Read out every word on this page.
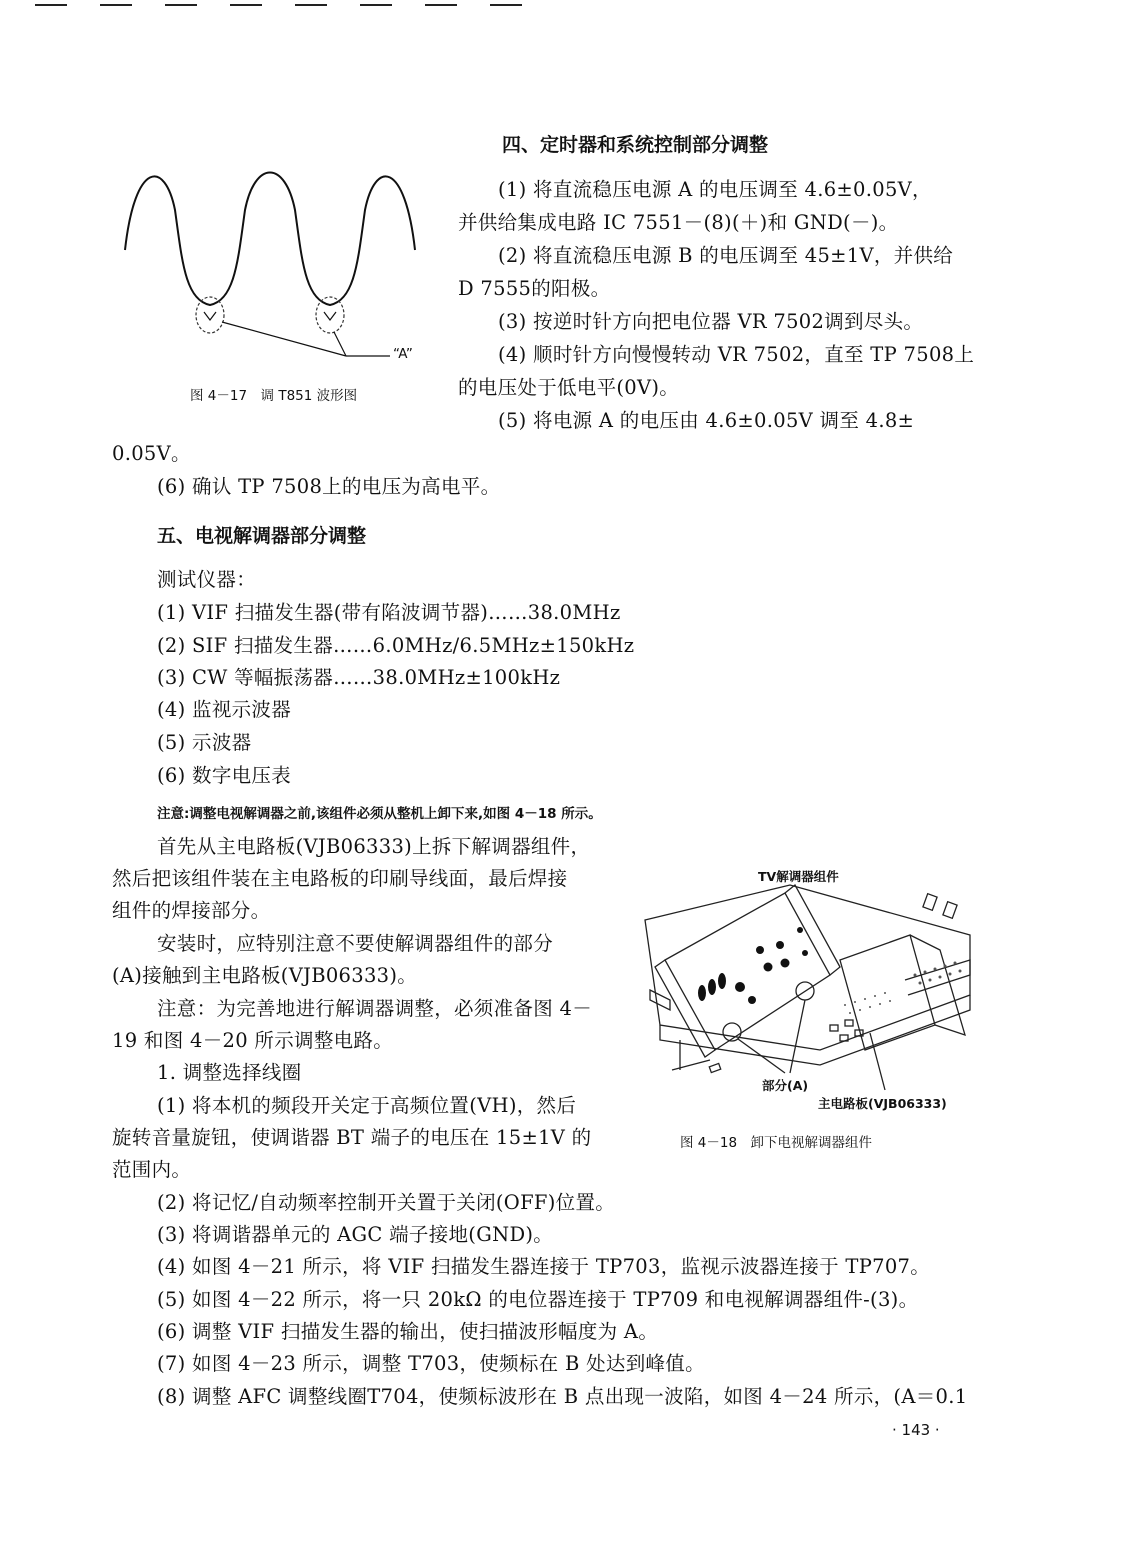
四、定时器和系统控制部分调整
(1) 将直流稳压电源 A 的电压调至 4.6±0.05V，
并供给集成电路 IC 7551－(8)(＋)和 GND(－)。
(2) 将直流稳压电源 B 的电压调至 45±1V，并供给
D 7555的阳极。
(3) 按逆时针方向把电位器 VR 7502调到尽头。
(4) 顺时针方向慢慢转动 VR 7502，直至 TP 7508上
的电压处于低电平(0V)。
(5) 将电源 A 的电压由 4.6±0.05V 调至 4.8±
0.05V。
(6) 确认 TP 7508上的电压为高电平。
“A”
图 4－17　调 T851 波形图
五、电视解调器部分调整
测试仪器：
(1) VIF 扫描发生器(带有陷波调节器)……38.0MHz
(2) SIF 扫描发生器……6.0MHz/6.5MHz±150kHz
(3) CW 等幅振荡器……38.0MHz±100kHz
(4) 监视示波器
(5) 示波器
(6) 数字电压表
注意:调整电视解调器之前,该组件必须从整机上卸下来,如图 4－18 所示。
首先从主电路板(VJB06333)上拆下解调器组件，
然后把该组件装在主电路板的印刷导线面，最后焊接
组件的焊接部分。
安装时，应特别注意不要使解调器组件的部分
(A)接触到主电路板(VJB06333)。
注意：为完善地进行解调器调整，必须准备图 4－
19 和图 4－20 所示调整电路。
1. 调整选择线圈
(1) 将本机的频段开关定于高频位置(VH)，然后
旋转音量旋钮，使调谐器 BT 端子的电压在 15±1V 的
范围内。
(2) 将记忆/自动频率控制开关置于关闭(OFF)位置。
(3) 将调谐器单元的 AGC 端子接地(GND)。
(4) 如图 4－21 所示，将 VIF 扫描发生器连接于 TP703，监视示波器连接于 TP707。
(5) 如图 4－22 所示，将一只 20kΩ 的电位器连接于 TP709 和电视解调器组件-(3)。
(6) 调整 VIF 扫描发生器的输出，使扫描波形幅度为 A。
(7) 如图 4－23 所示，调整 T703，使频标在 B 处达到峰值。
(8) 调整 AFC 调整线圈T704，使频标波形在 B 点出现一波陷，如图 4－24 所示，(A＝0.1
TV解调器组件
部分(A)
主电路板(VJB06333)
图 4－18　卸下电视解调器组件
· 143 ·
